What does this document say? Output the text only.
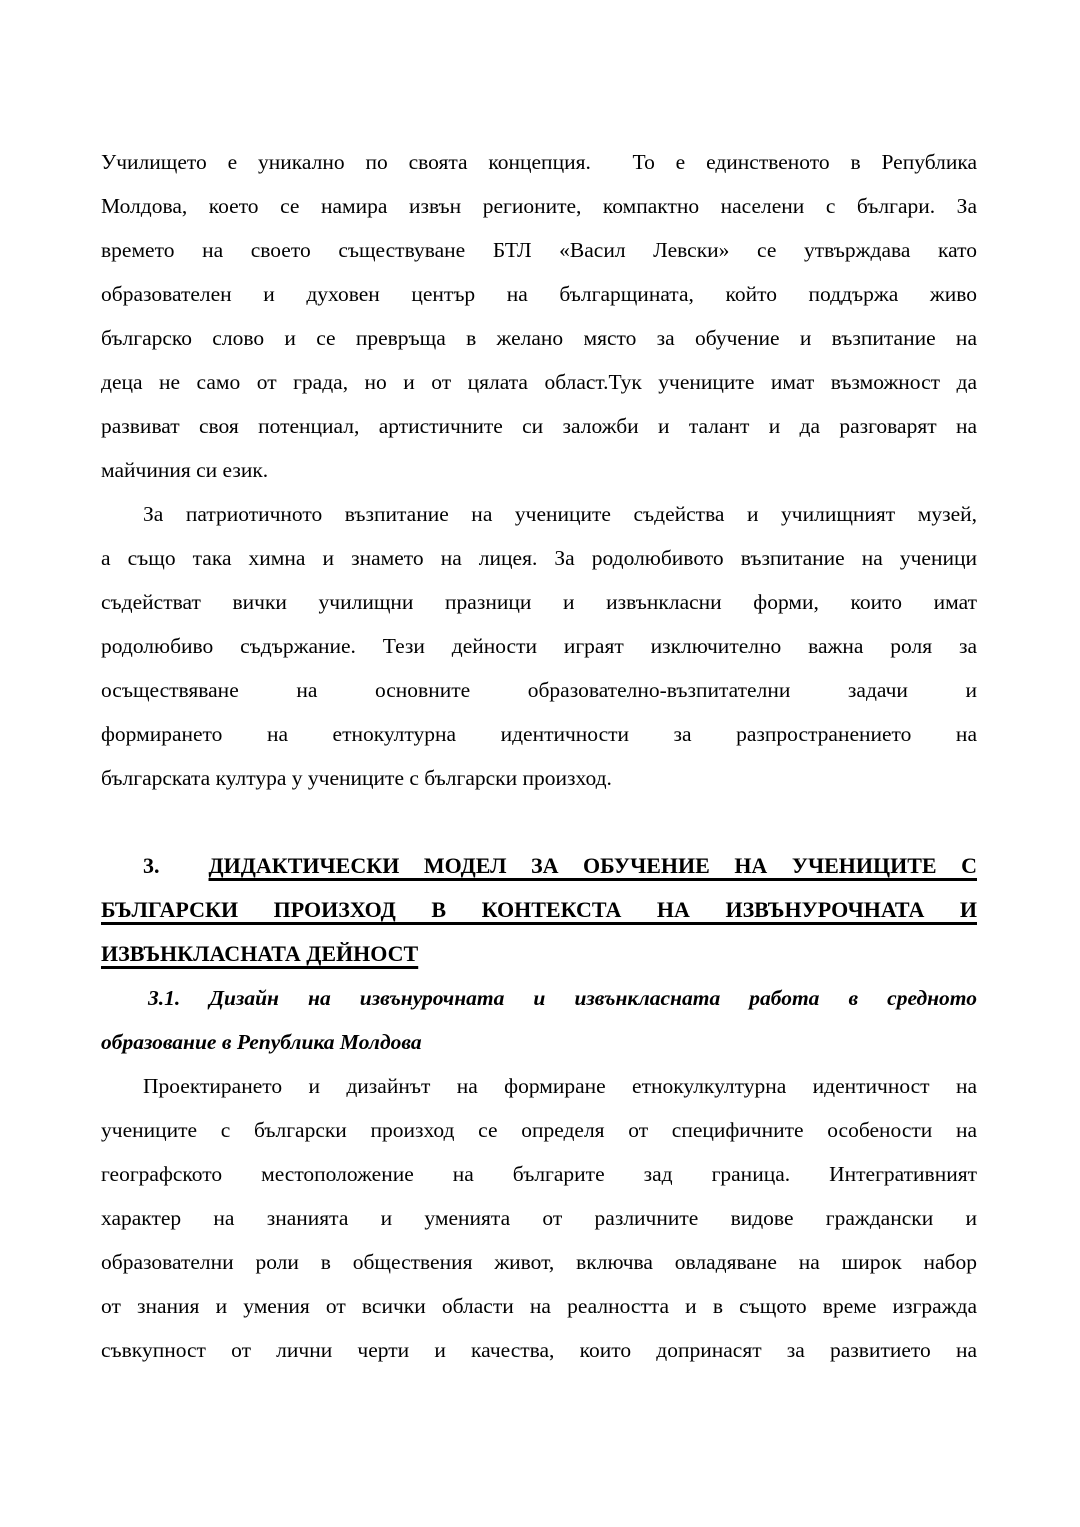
Училището е уникално по своята концепция.  То е единственото в Република
Молдова, което се намира извън регионите, компактно населени с българи. За
времето на своето съществуване БТЛ «Васил Левски» се утвърждава като
образователен и духовен център на българщината, който поддържа живо
българско слово и се превръща в желано място за обучение и възпитание на
деца не само от града, но и от цялата област.Тук учениците имат възможност да
развиват своя потенциал, артистичните си заложби и талант и да разговарят на
майчиния си език.
За патриотичното възпитание на учениците съдейства и училищният музей,
а също така химна и знамето на лицея. За родолюбивото възпитание на ученици
съдействат вички училищни празници и извънкласни форми, които имат
родолюбиво съдържание. Тези дейности играят изключително важна роля за
осъществяване на основните образователно-възпитателни задачи и
формирането на етнокултурна идентичности за разпространението на
българската култура у учениците с български произход.
3. ДИДАКТИЧЕСКИ МОДЕЛ ЗА ОБУЧЕНИЕ НА УЧЕНИЦИТЕ С
БЪЛГАРСКИ ПРОИЗХОД В КОНТЕКСТА НА ИЗВЪНУРОЧНАТА И
ИЗВЪНКЛАСНАТА ДЕЙНОСТ
3.1. Дизайн на извънурочната и извънкласната работа в средното
образование в Република Молдова
Проектирането и дизайнът на формиране етнокулкултурна идентичност на
учениците с български произход се определя от специфичните особености на
географското местоположение на българите зад граница. Интегративният
характер на знанията и уменията от различните видове граждански и
образователни роли в обществения живот, включва овладяване на широк набор
от знания и умения от всички области на реалността и в същото време изгражда
съвкупност от лични черти и качества, които допринасят за развитието на
